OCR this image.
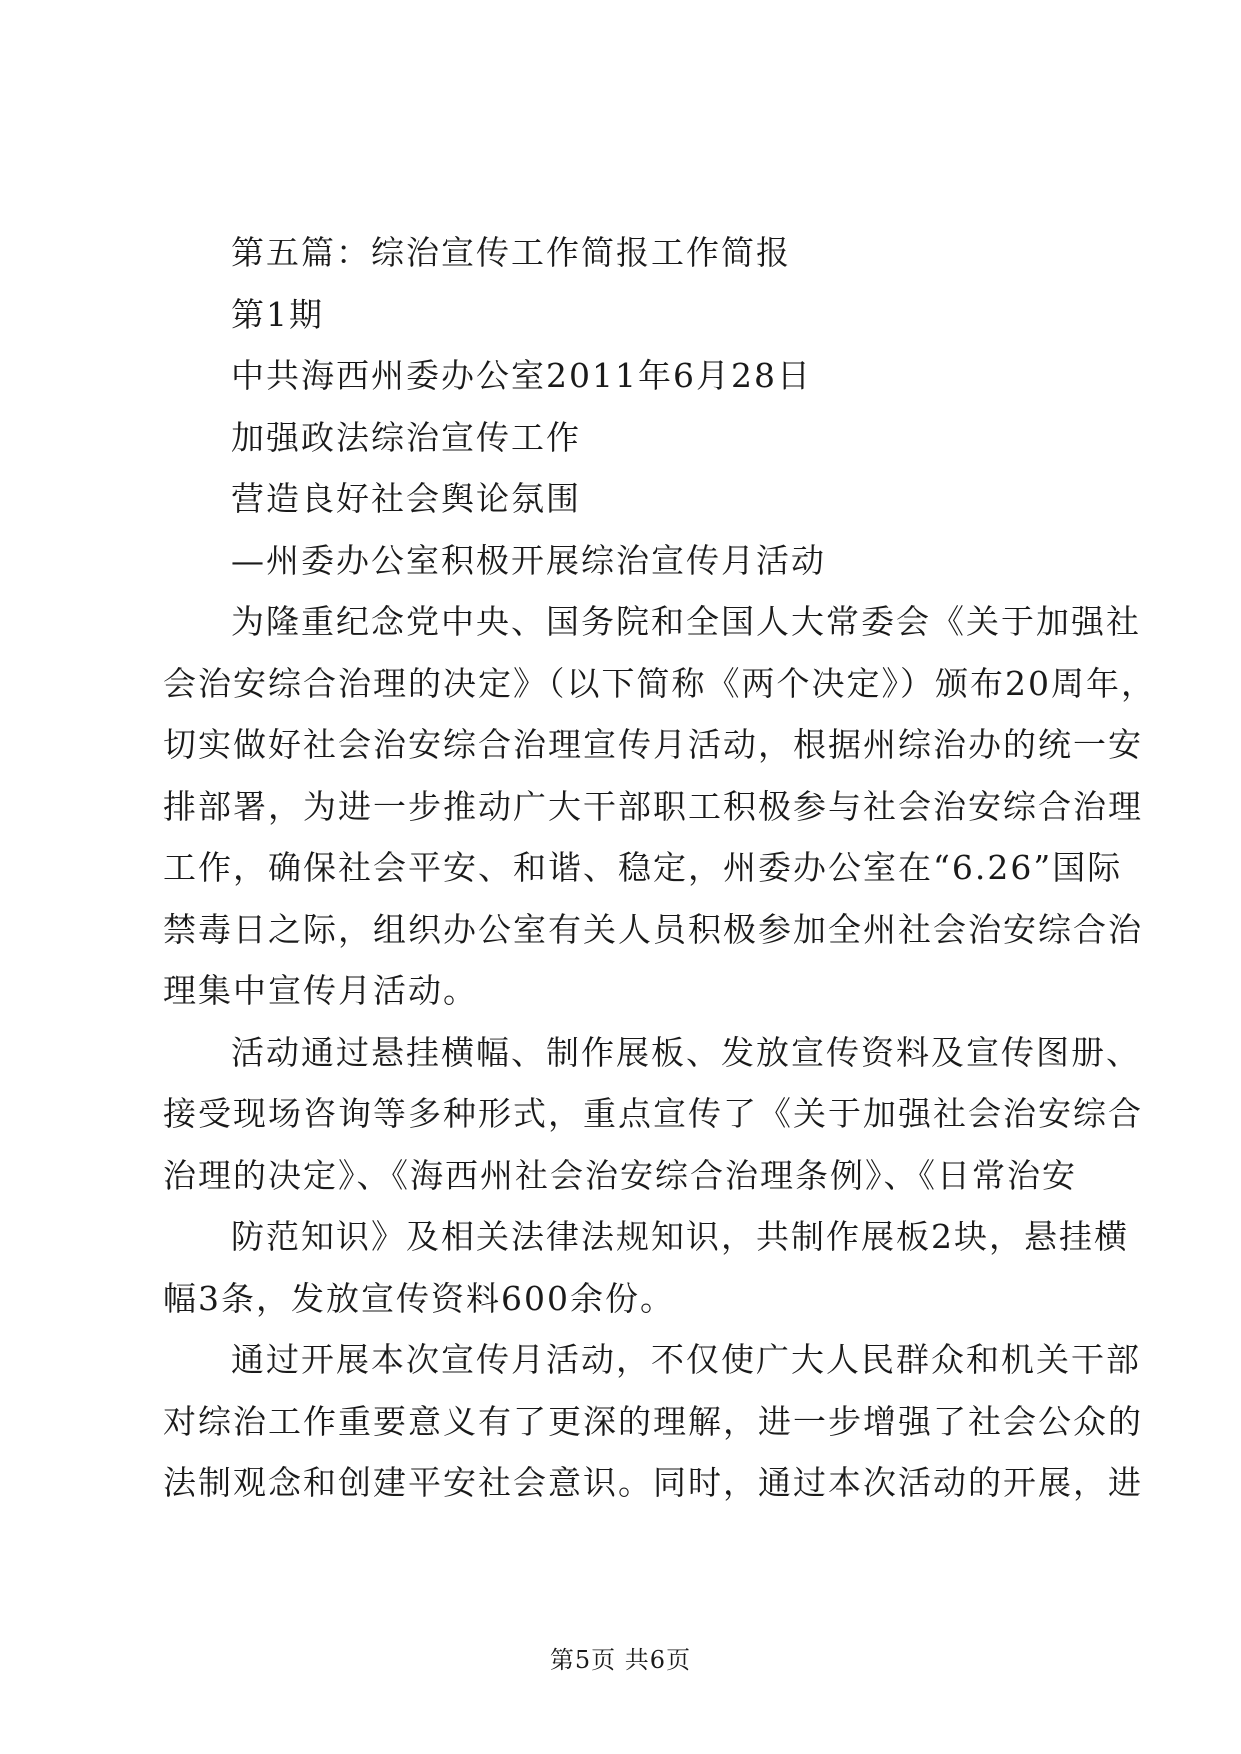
第五篇：综治宣传工作简报工作简报
第1期
中共海西州委办公室2011年6月28日
加强政法综治宣传工作
营造良好社会舆论氛围
—州委办公室积极开展综治宣传月活动

为隆重纪念党中央、国务院和全国人大常委会《关于加强社
会治安综合治理的决定》（以下简称《两个决定》）颁布20周年，
切实做好社会治安综合治理宣传月活动，根据州综治办的统一安
排部署，为进一步推动广大干部职工积极参与社会治安综合治理
工作，确保社会平安、和谐、稳定，州委办公室在“6.26”国际
禁毒日之际，组织办公室有关人员积极参加全州社会治安综合治
理集中宣传月活动。

活动通过悬挂横幅、制作展板、发放宣传资料及宣传图册、
接受现场咨询等多种形式，重点宣传了《关于加强社会治安综合
治理的决定》、《海西州社会治安综合治理条例》、《日常治安

防范知识》及相关法律法规知识，共制作展板2块，悬挂横
幅3条，发放宣传资料600余份。

通过开展本次宣传月活动，不仅使广大人民群众和机关干部
对综治工作重要意义有了更深的理解，进一步增强了社会公众的
法制观念和创建平安社会意识。同时，通过本次活动的开展，进

第5页 共6页
